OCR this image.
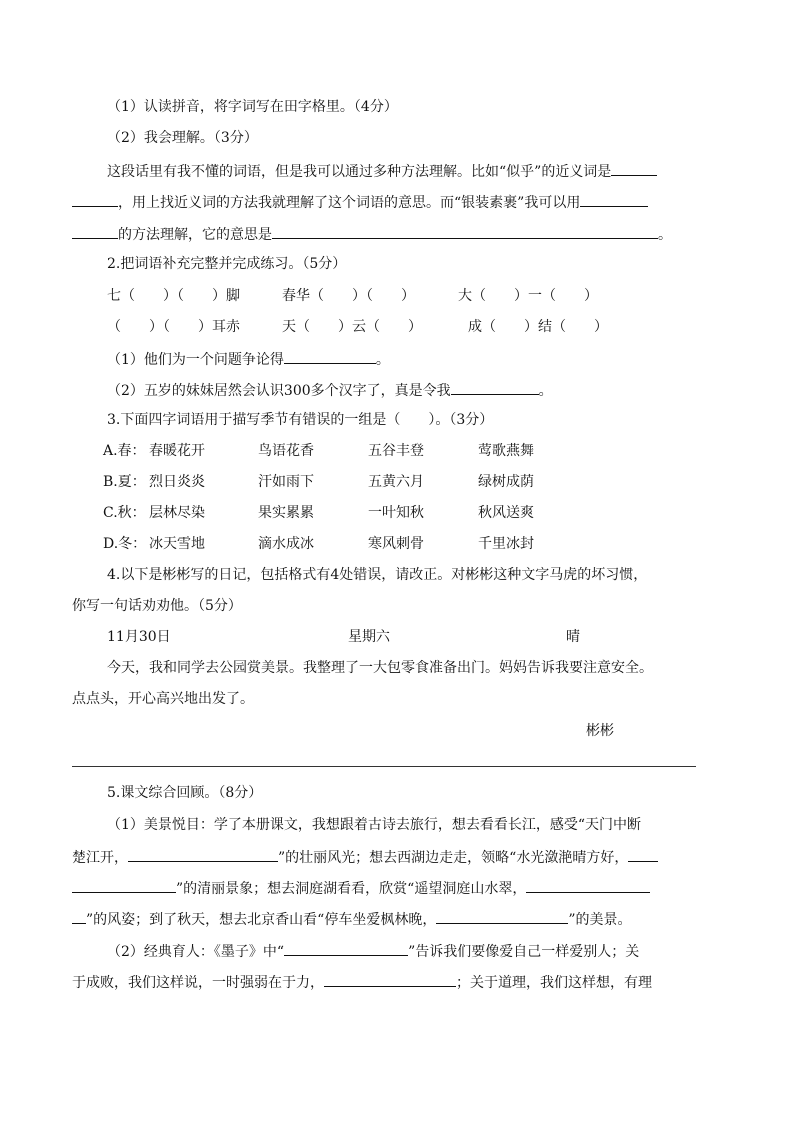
（1）认读拼音，将字词写在田字格里。（4分）
（2）我会理解。（3分）
这段话里有我不懂的词语，但是我可以通过多种方法理解。比如“似乎”的近义词是
，用上找近义词的方法我就理解了这个词语的意思。而“银装素裹”我可以用
的方法理解，它的意思是	。
2.把词语补充完整并完成练习。（5分）
七（ ）（ ）脚	春华（ ）（ ）	大（ ）一（ ）
（ ）（ ）耳赤	天（ ）云（ ）	成（ ）结（ ）
（1）他们为一个问题争论得	。
（2）五岁的妹妹居然会认识300多个汉字了，真是令我	。
3.下面四字词语用于描写季节有错误的一组是（　　）。（3分）
A.春： 春暖花开	鸟语花香	五谷丰登	莺歌燕舞
B.夏： 烈日炎炎	汗如雨下	五黄六月	绿树成荫
C.秋： 层林尽染	果实累累	一叶知秋	秋风送爽
D.冬： 冰天雪地	滴水成冰	寒风刺骨	千里冰封
4.以下是彬彬写的日记，包括格式有4处错误，请改正。对彬彬这种文字马虎的坏习惯，
你写一句话劝劝他。（5分）
11月30日	星期六	晴
今天，我和同学去公园赏美景。我整理了一大包零食准备出门。妈妈告诉我要注意安全。
点点头，开心高兴地出发了。
彬彬
5.课文综合回顾。（8分）
（1）美景悦目：学了本册课文，我想跟着古诗去旅行，想去看看长江，感受“天门中断
楚江开，	”的壮丽风光；想去西湖边走走，领略“水光潋滟晴方好，
”的清丽景象；想去洞庭湖看看，欣赏“遥望洞庭山水翠，
”的风姿；到了秋天，想去北京香山看“停车坐爱枫林晚，	”的美景。
（2）经典育人：《墨子》中“	”告诉我们要像爱自己一样爱别人；关
于成败，我们这样说，一时强弱在于力，	；关于道理，我们这样想，有理
